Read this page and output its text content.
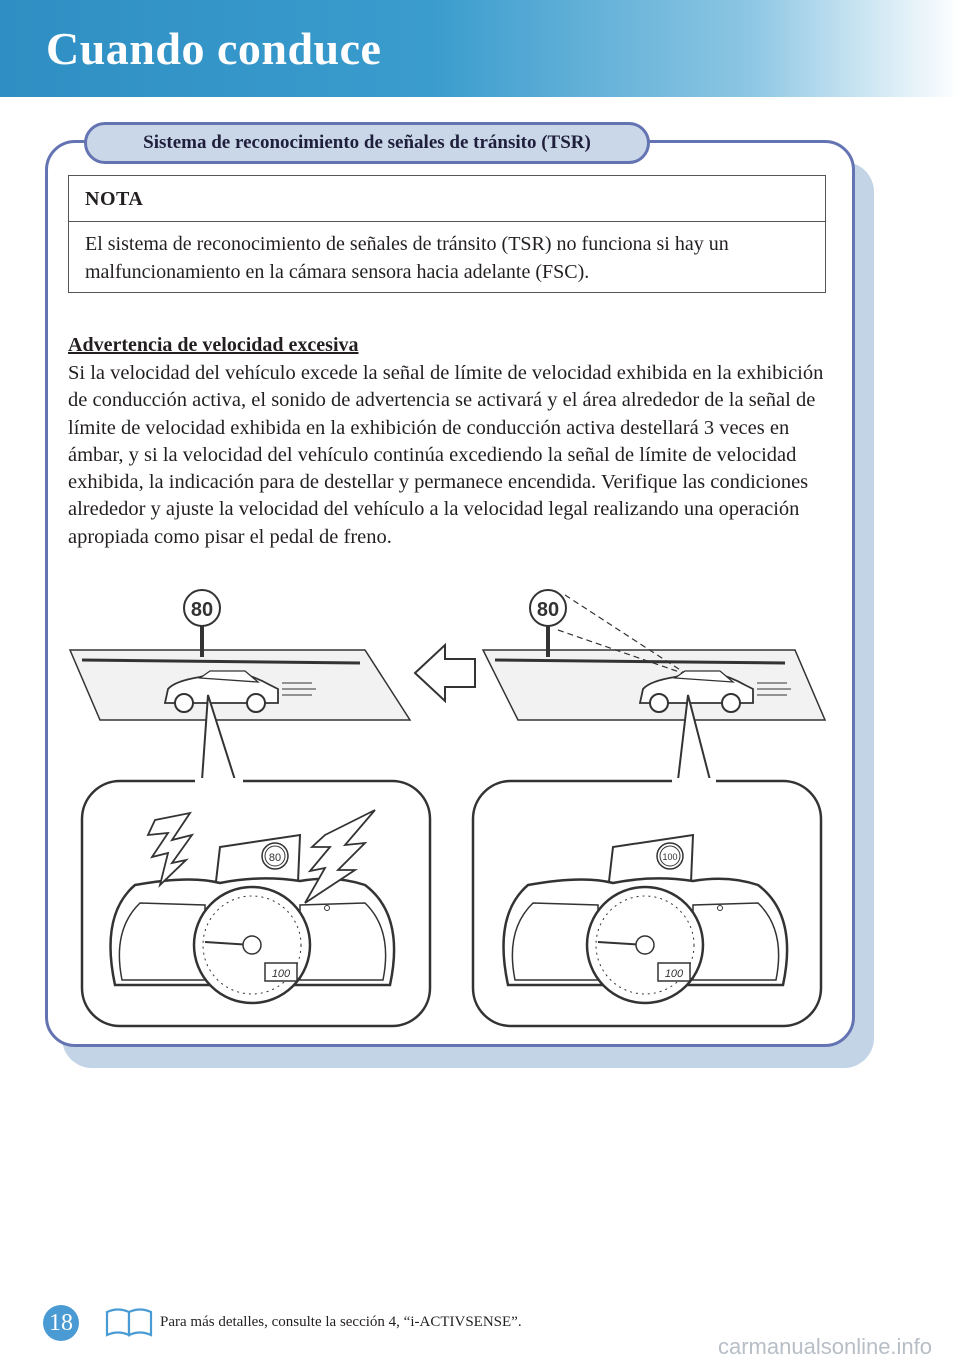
Cuando conduce
Sistema de reconocimiento de señales de tránsito (TSR)
NOTA
El sistema de reconocimiento de señales de tránsito (TSR) no funciona si hay un malfuncionamiento en la cámara sensora hacia adelante (FSC).
Advertencia de velocidad excesiva
Si la velocidad del vehículo excede la señal de límite de velocidad exhibida en la exhibición de conducción activa, el sonido de advertencia se activará y el área alrededor de la señal de límite de velocidad exhibida en la exhibición de conducción activa destellará 3 veces en ámbar, y si la velocidad del vehículo continúa excediendo la señal de límite de velocidad exhibida, la indicación para de destellar y permanece encendida. Verifique las condiciones alrededor y ajuste la velocidad del vehículo a la velocidad legal realizando una operación apropiada como pisar el pedal de freno.
80
80
100
80
100
100
18	Para más detalles, consulte la sección 4, “i-ACTIVSENSE”.
carmanualsonline.info
